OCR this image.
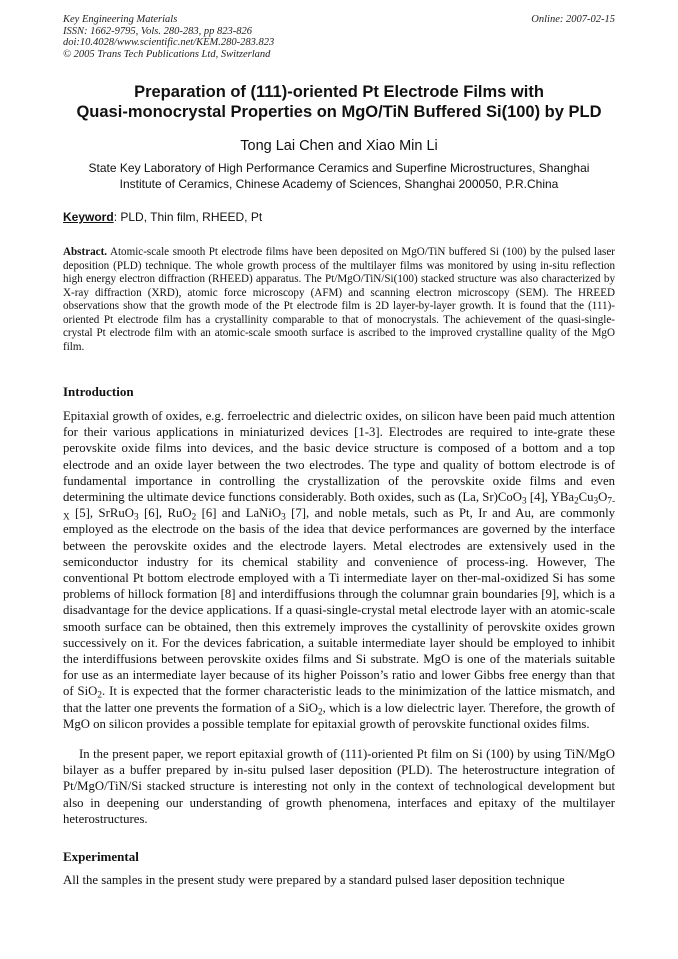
Key Engineering Materials
ISSN: 1662-9795, Vols. 280-283, pp 823-826
doi:10.4028/www.scientific.net/KEM.280-283.823
© 2005 Trans Tech Publications Ltd, Switzerland
Online: 2007-02-15
Preparation of (111)-oriented Pt Electrode Films with
Quasi-monocrystal Properties on MgO/TiN Buffered Si(100) by PLD
Tong Lai Chen and Xiao Min Li
State Key Laboratory of High Performance Ceramics and Superfine Microstructures, Shanghai
Institute of Ceramics, Chinese Academy of Sciences, Shanghai 200050, P.R.China
Keyword: PLD, Thin film, RHEED, Pt
Abstract. Atomic-scale smooth Pt electrode films have been deposited on MgO/TiN buffered Si (100) by the pulsed laser deposition (PLD) technique. The whole growth process of the multilayer films was monitored by using in-situ reflection high energy electron diffraction (RHEED) apparatus. The Pt/MgO/TiN/Si(100) stacked structure was also characterized by X-ray diffraction (XRD), atomic force microscopy (AFM) and scanning electron microscopy (SEM). The HREED observations show that the growth mode of the Pt electrode film is 2D layer-by-layer growth. It is found that the (111)-oriented Pt electrode film has a crystallinity comparable to that of monocrystals. The achievement of the quasi-single-crystal Pt electrode film with an atomic-scale smooth surface is ascribed to the improved crystalline quality of the MgO film.
Introduction
Epitaxial growth of oxides, e.g. ferroelectric and dielectric oxides, on silicon have been paid much attention for their various applications in miniaturized devices [1-3]. Electrodes are required to inte-grate these perovskite oxide films into devices, and the basic device structure is composed of a bottom and a top electrode and an oxide layer between the two electrodes. The type and quality of bottom electrode is of fundamental importance in controlling the crystallization of the perovskite oxide films and even determining the ultimate device functions considerably. Both oxides, such as (La, Sr)CoO$_3$ [4], $YBa_2Cu_3O_{7-X}$ [5], SrRuO$_3$ [6], RuO$_2$ [6] and LaNiO$_3$ [7], and noble metals, such as Pt, Ir and Au, are commonly employed as the electrode on the basis of the idea that device performances are governed by the interface between the perovskite oxides and the electrode layers. Metal electrodes are extensively used in the semiconductor industry for its chemical stability and convenience of process-ing. However, The conventional Pt bottom electrode employed with a Ti intermediate layer on ther-mal-oxidized Si has some problems of hillock formation [8] and interdiffusions through the columnar grain boundaries [9], which is a disadvantage for the device applications. If a quasi-single-crystal metal electrode layer with an atomic-scale smooth surface can be obtained, then this extremely improves the cystallinity of perovskite oxides grown successively on it. For the devices fabrication, a suitable intermediate layer should be employed to inhibit the interdiffusions between perovskite oxides films and Si substrate. MgO is one of the materials suitable for use as an intermediate layer because of its higher Poisson’s ratio and lower Gibbs free energy than that of SiO$_2$. It is expected that the former characteristic leads to the minimization of the lattice mismatch, and that the latter one prevents the formation of a SiO$_2$, which is a low dielectric layer. Therefore, the growth of MgO on silicon provides a possible template for epitaxial growth of perovskite functional oxides films.
In the present paper, we report epitaxial growth of (111)-oriented Pt film on Si (100) by using TiN/MgO bilayer as a buffer prepared by in-situ pulsed laser deposition (PLD). The heterostructure integration of Pt/MgO/TiN/Si stacked structure is interesting not only in the context of technological development but also in deepening our understanding of growth phenomena, interfaces and epitaxy of the multilayer heterostructures.
Experimental
All the samples in the present study were prepared by a standard pulsed laser deposition technique
